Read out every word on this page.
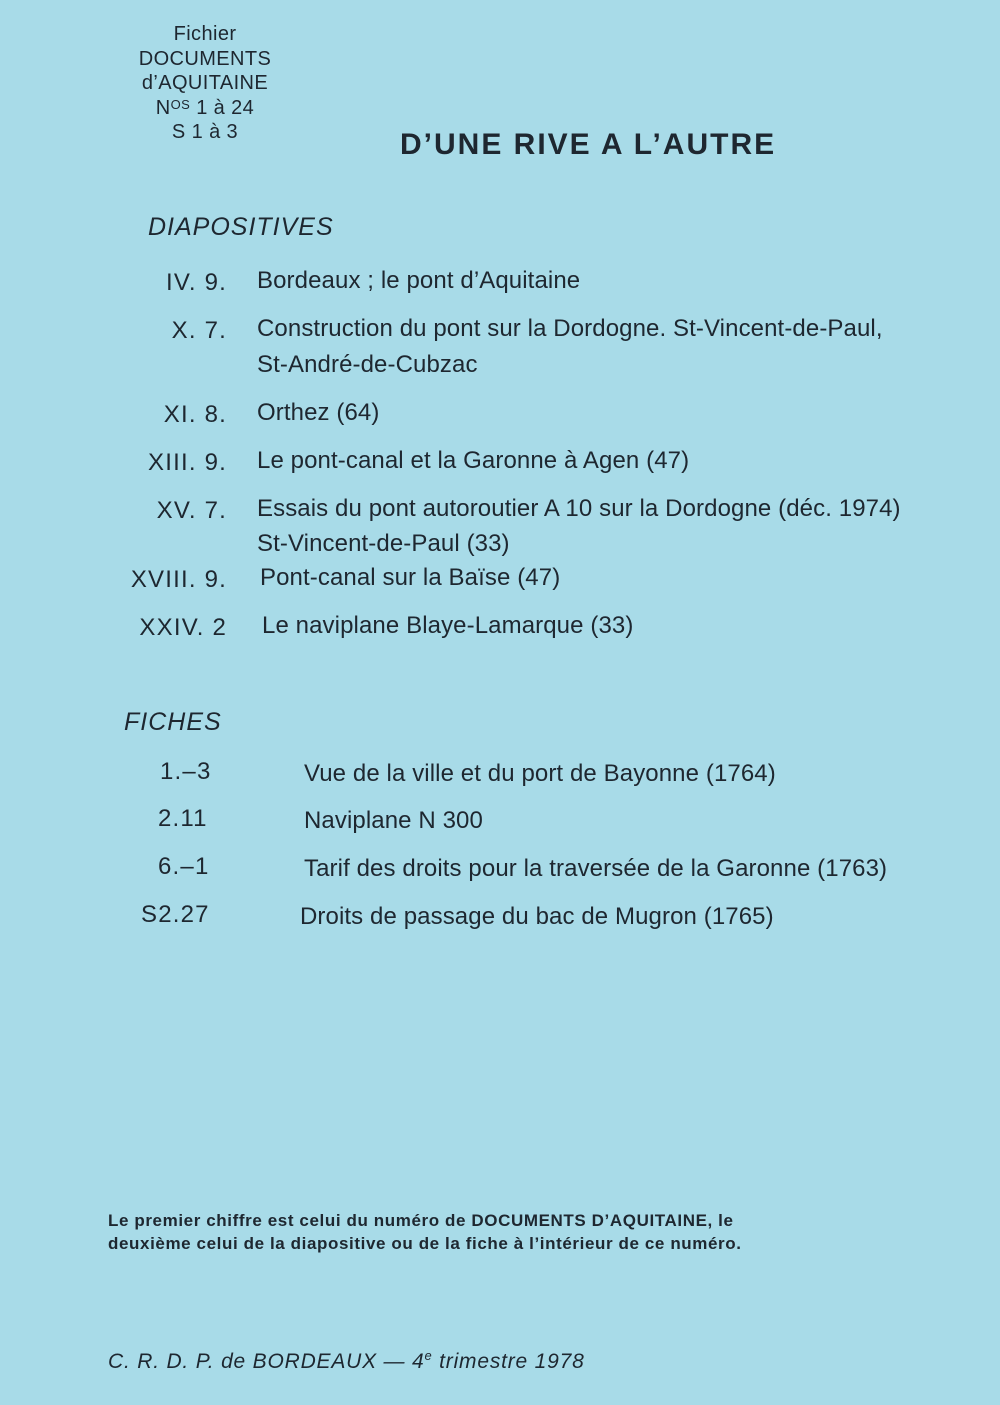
Fichier
DOCUMENTS
d’AQUITAINE
$N^{OS}$ 1 à 24
S 1 à 3	D’UNE RIVE A L’AUTRE
DIAPOSITIVES
IV. 9. Bordeaux ; le pont d’Aquitaine
X. 7. Construction du pont sur la Dordogne. St-Vincent-de-Paul,
St-André-de-Cubzac
XI. 8. Orthez (64)
XIII. 9. Le pont-canal et la Garonne à Agen (47)
XV. 7. Essais du pont autoroutier A 10 sur la Dordogne (déc. 1974)
St-Vincent-de-Paul (33)
XVIII. 9. Pont-canal sur la Baïse (47)
XXIV. 2 Le naviplane Blaye-Lamarque (33)
FICHES
1.–3	Vue de la ville et du port de Bayonne (1764)
2.11	Naviplane N 300
6.–1	Tarif des droits pour la traversée de la Garonne (1763)
S2.27	Droits de passage du bac de Mugron (1765)
Le premier chiffre est celui du numéro de DOCUMENTS D’AQUITAINE, le
deuxième celui de la diapositive ou de la fiche à l’intérieur de ce numéro.
C. R. D. P. de BORDEAUX — 4e trimestre 1978
